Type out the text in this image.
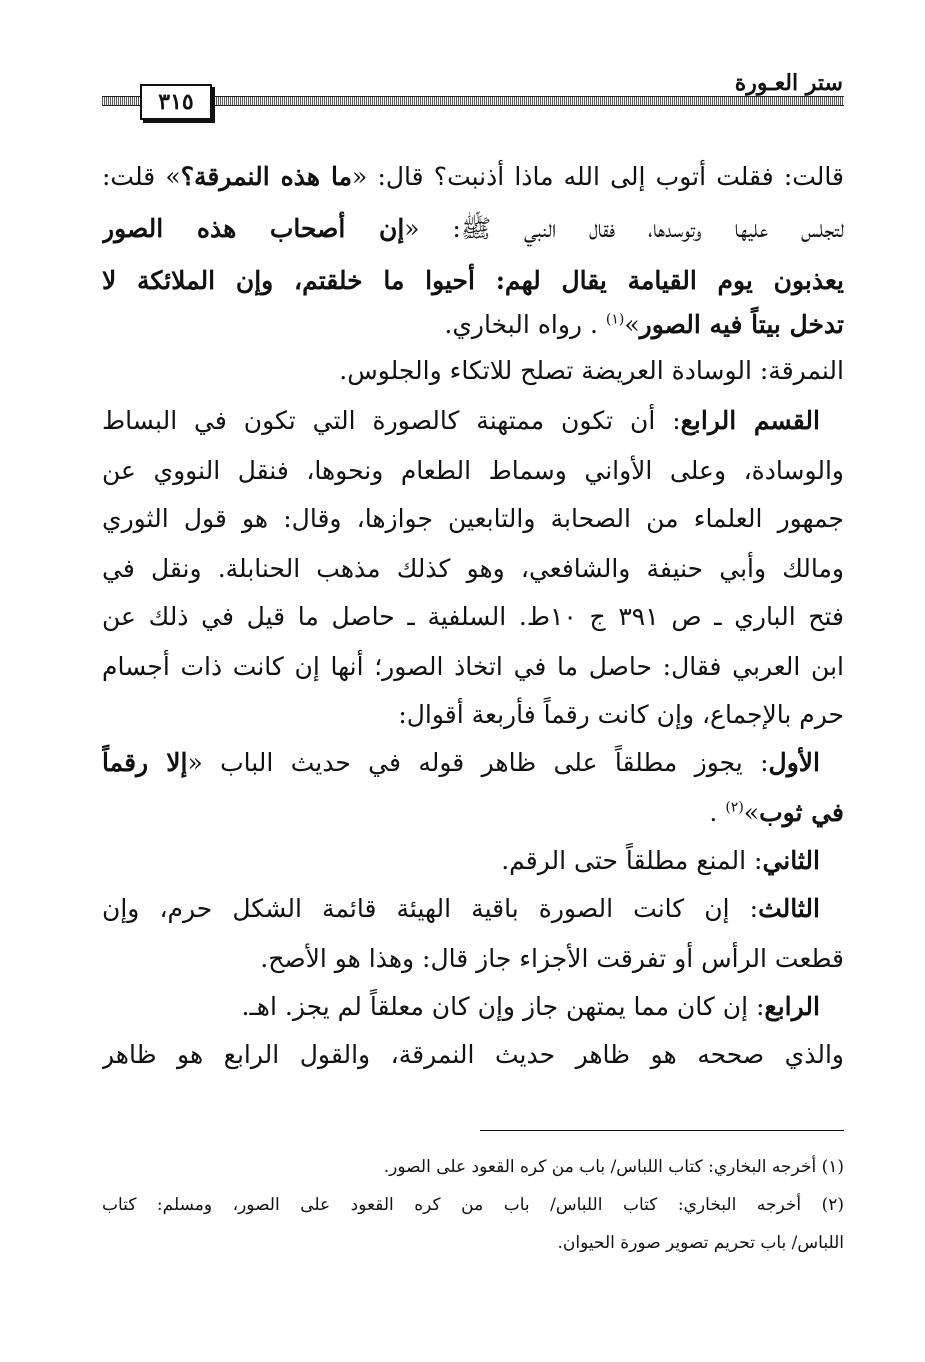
ستر العـورة
٣١٥
قالت: فقلت أتوب إلى الله ماذا أذنبت؟ قال: «ما هذه النمرقة؟» قلت:
لتجلس عليها وتوسدها، فقال النبي ﷺ: «إن أصحاب هذه الصور
يعذبون يوم القيامة يقال لهم: أحيوا ما خلقتم، وإن الملائكة لا
تدخل بيتاً فيه الصور»$^{(١)}$ . رواه البخاري.
النمرقة: الوسادة العريضة تصلح للاتكاء والجلوس.
القسم الرابع: أن تكون ممتهنة كالصورة التي تكون في البساط
والوسادة، وعلى الأواني وسماط الطعام ونحوها، فنقل النووي عن
جمهور العلماء من الصحابة والتابعين جوازها، وقال: هو قول الثوري
ومالك وأبي حنيفة والشافعي، وهو كذلك مذهب الحنابلة. ونقل في
فتح الباري ـ ص ٣٩١ ج ١٠ط. السلفية ـ حاصل ما قيل في ذلك عن
ابن العربي فقال: حاصل ما في اتخاذ الصور؛ أنها إن كانت ذات أجسام
حرم بالإجماع، وإن كانت رقماً فأربعة أقوال:
الأول: يجوز مطلقاً على ظاهر قوله في حديث الباب «إلا رقماً
في ثوب»$^{(٢)}$ .
الثاني: المنع مطلقاً حتى الرقم.
الثالث: إن كانت الصورة باقية الهيئة قائمة الشكل حرم، وإن
قطعت الرأس أو تفرقت الأجزاء جاز قال: وهذا هو الأصح.
الرابع: إن كان مما يمتهن جاز وإن كان معلقاً لم يجز. اهـ.
والذي صححه هو ظاهر حديث النمرقة، والقول الرابع هو ظاهر
(١) أخرجه البخاري: كتاب اللباس/ باب من كره القعود على الصور.
(٢) أخرجه البخاري: كتاب اللباس/ باب من كره القعود على الصور، ومسلم: كتاب
اللباس/ باب تحريم تصوير صورة الحيوان.
